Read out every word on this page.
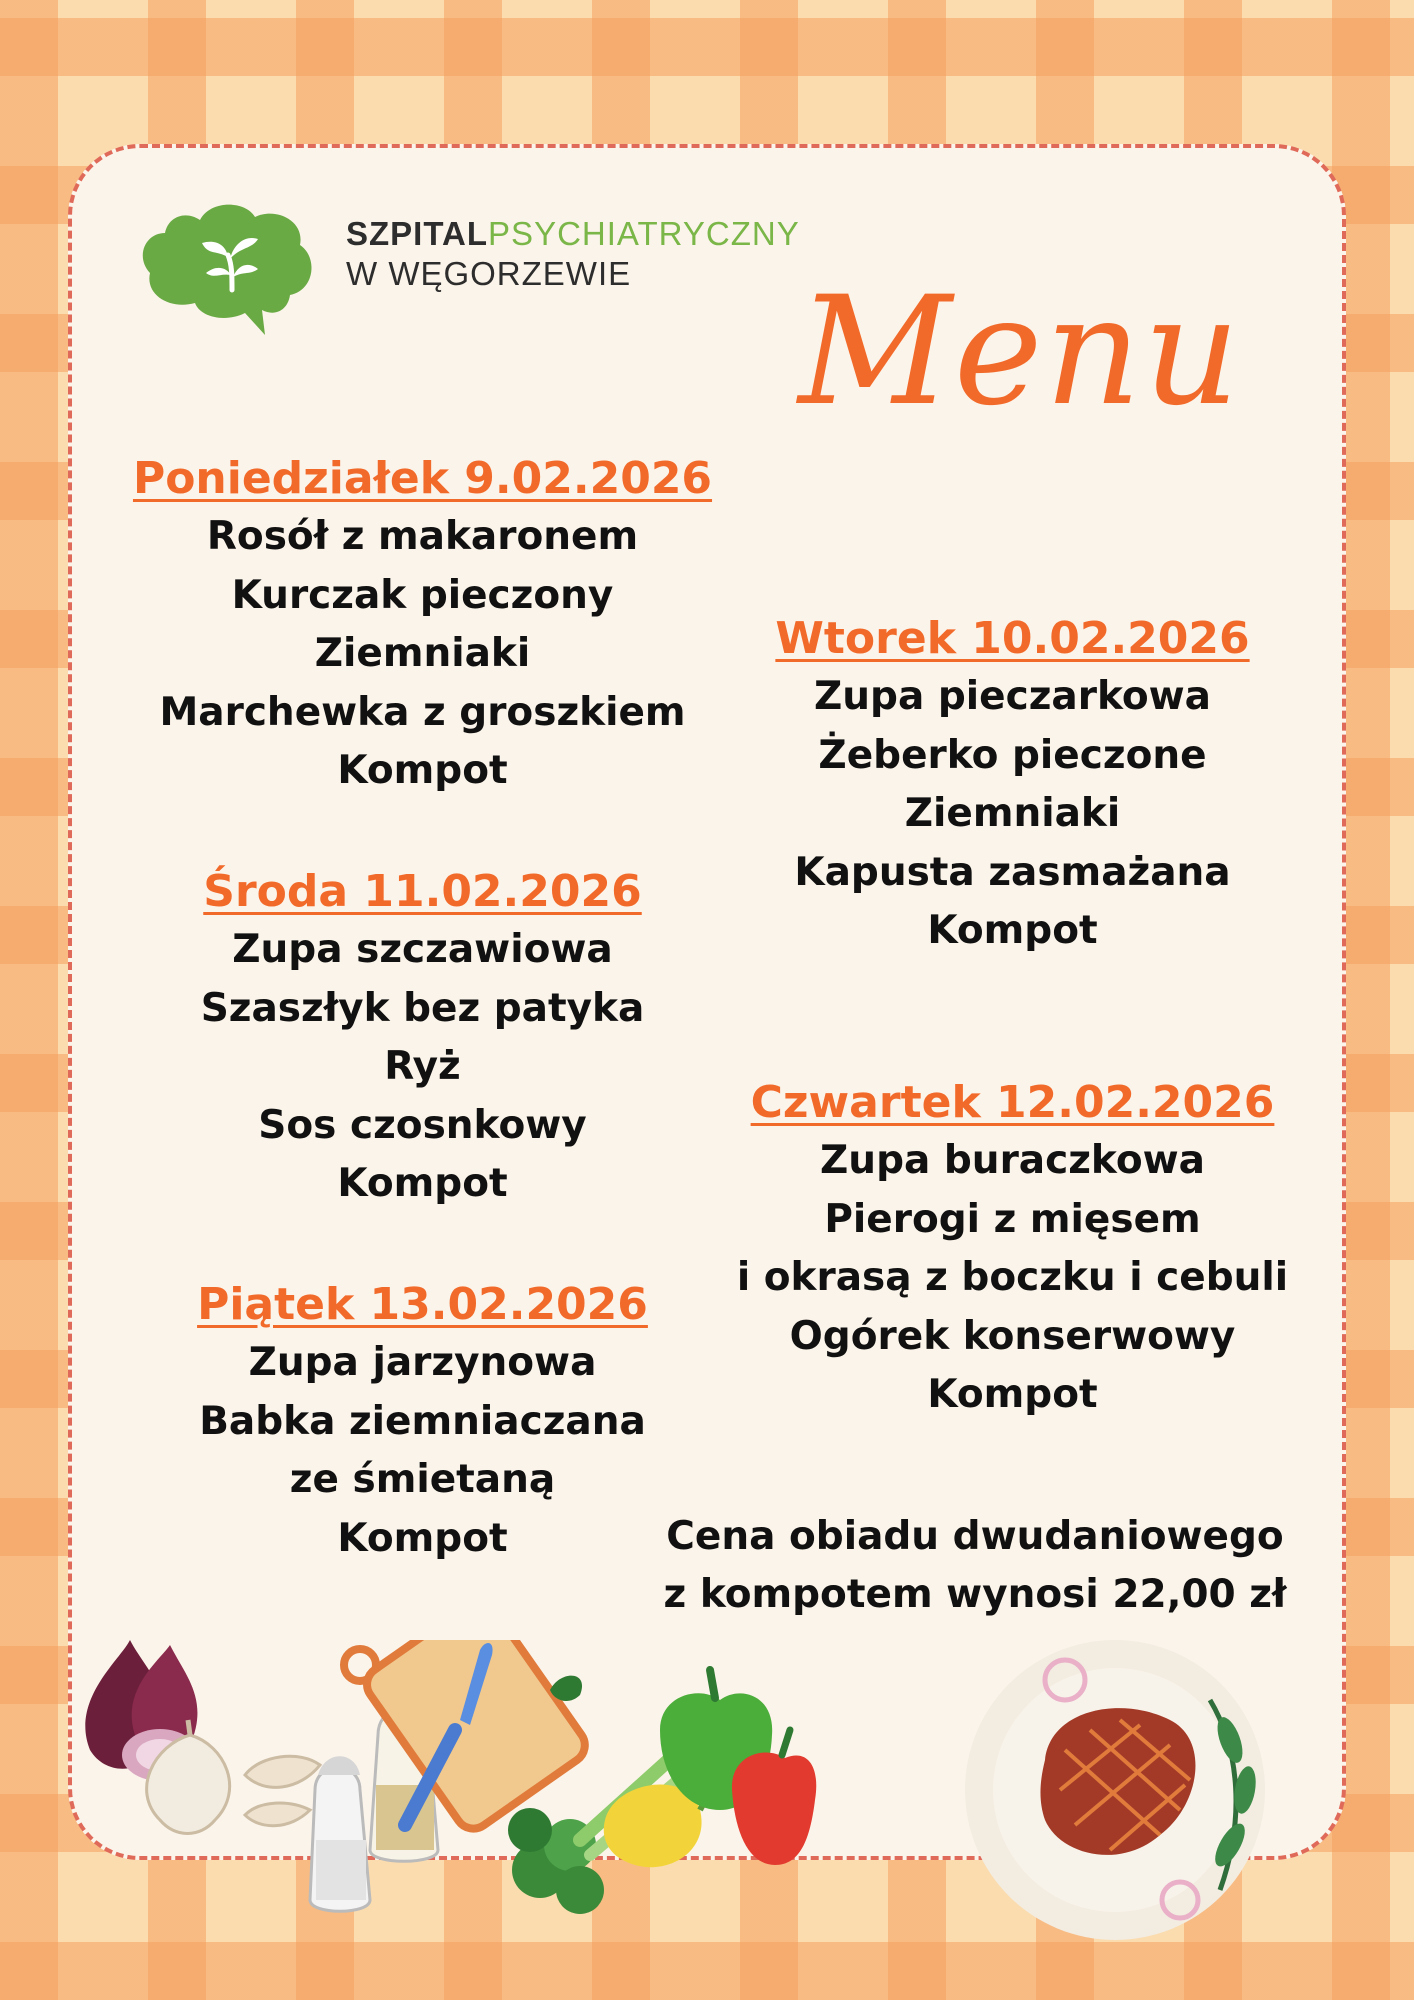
SZPITALPSYCHIATRYCZNY
W WĘGORZEWIE	Menu
Poniedziałek 9.02.2026
Rosół z makaronem
Kurczak pieczony
Ziemniaki
Marchewka z groszkiem
Kompot
Wtorek 10.02.2026
Zupa pieczarkowa
Żeberko pieczone
Ziemniaki
Kapusta zasmażana
Kompot
Środa 11.02.2026
Zupa szczawiowa
Szaszłyk bez patyka
Ryż
Sos czosnkowy
Kompot
Czwartek 12.02.2026
Zupa buraczkowa
Pierogi z mięsem
i okrasą z boczku i cebuli
Ogórek konserwowy
Kompot
Piątek 13.02.2026
Zupa jarzynowa
Babka ziemniaczana
ze śmietaną
Kompot	Cena obiadu dwudaniowego
z kompotem wynosi 22,00 zł
